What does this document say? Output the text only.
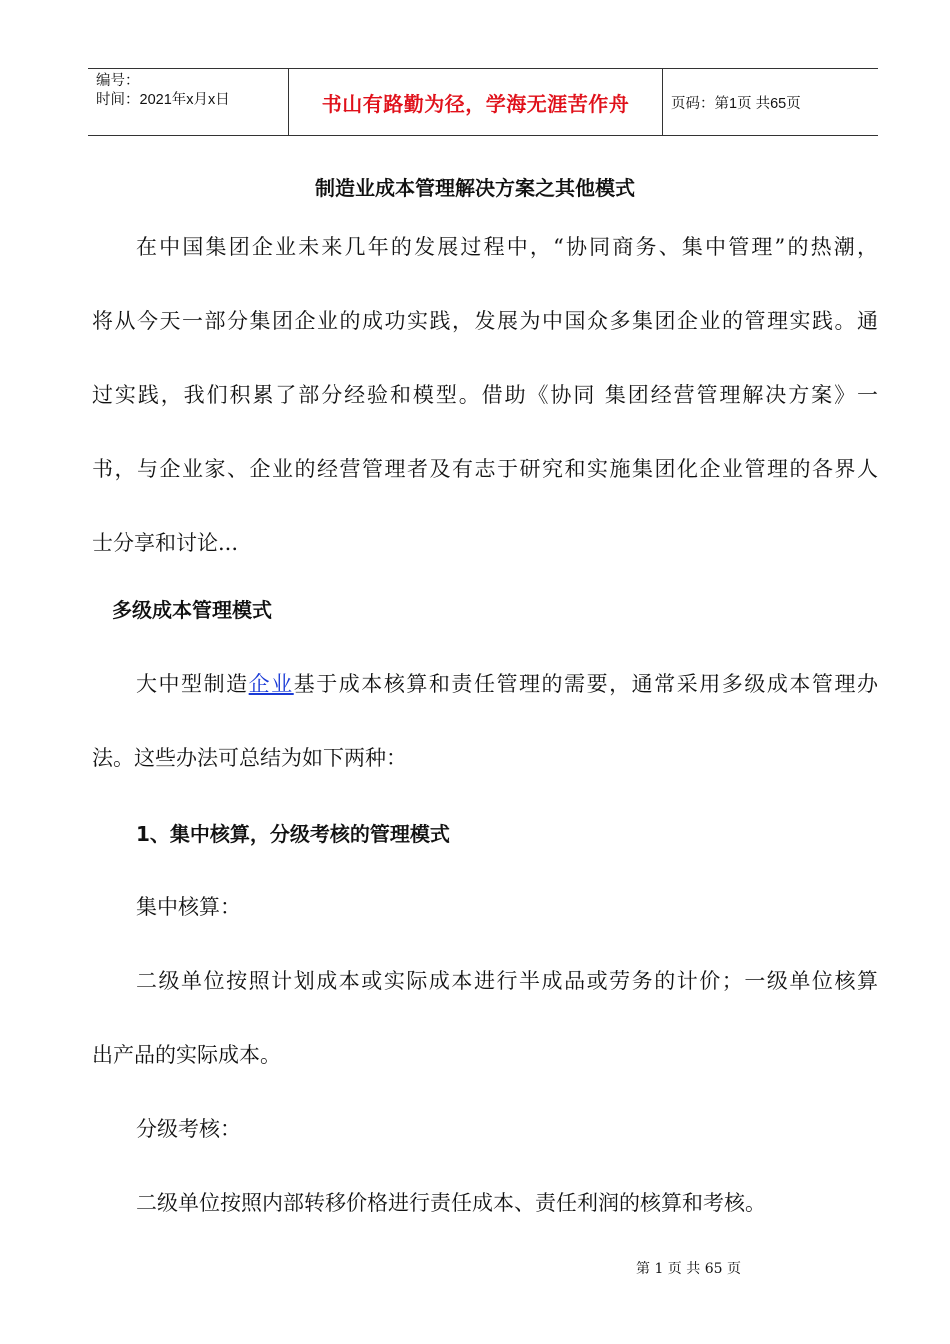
编号：
时间：2021年x月x日	书山有路勤为径，学海无涯苦作舟	页码：第1页 共65页
制造业成本管理解决方案之其他模式
在中国集团企业未来几年的发展过程中，“协同商务、集中管理”的热潮，
将从今天一部分集团企业的成功实践，发展为中国众多集团企业的管理实践。通
过实践，我们积累了部分经验和模型。借助《协同 集团经营管理解决方案》一
书，与企业家、企业的经营管理者及有志于研究和实施集团化企业管理的各界人
士分享和讨论...
多级成本管理模式
大中型制造企业基于成本核算和责任管理的需要，通常采用多级成本管理办
法。这些办法可总结为如下两种：
1、集中核算，分级考核的管理模式
集中核算：
二级单位按照计划成本或实际成本进行半成品或劳务的计价；一级单位核算
出产品的实际成本。
分级考核：
二级单位按照内部转移价格进行责任成本、责任利润的核算和考核。
第 1 页 共 65 页
